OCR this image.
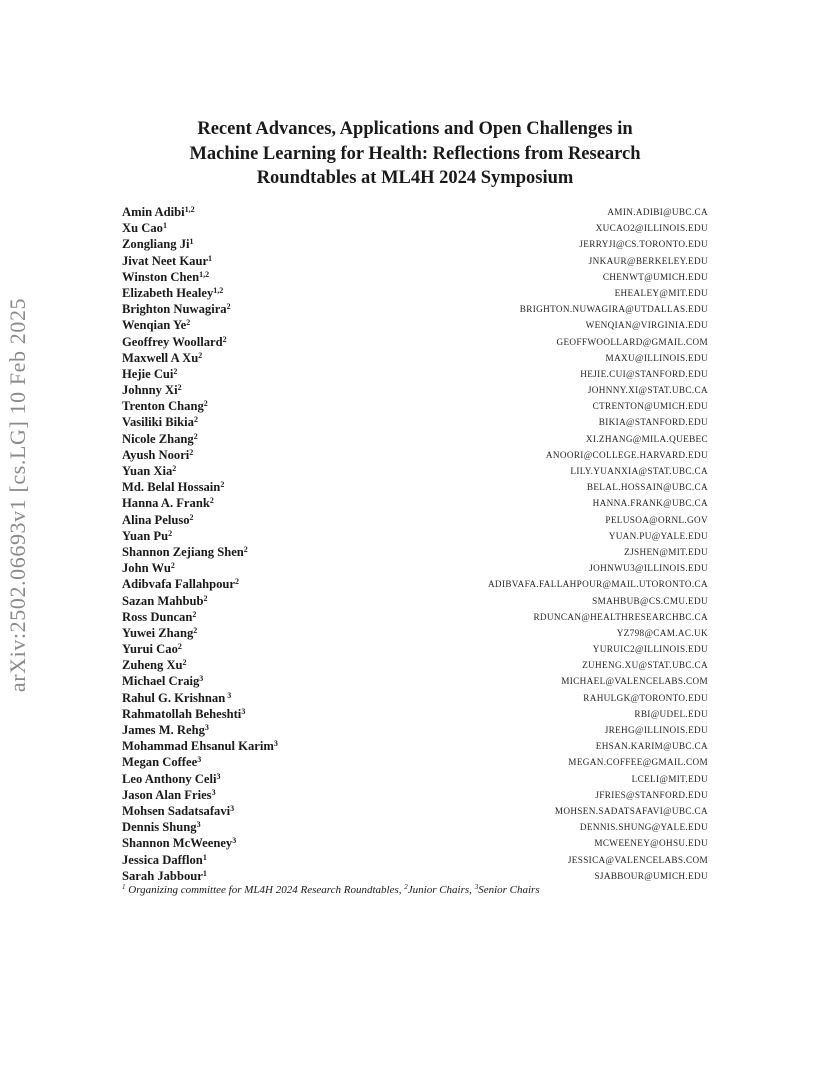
arXiv:2502.06693v1 [cs.LG] 10 Feb 2025
Recent Advances, Applications and Open Challenges in
Machine Learning for Health: Reflections from Research
Roundtables at ML4H 2024 Symposium
Amin Adibi$^{1,2}$	AMIN.ADIBI@UBC.CA
Xu Cao$^1$	XUCAO2@ILLINOIS.EDU
Zongliang Ji$^1$	JERRYJI@CS.TORONTO.EDU
Jivat Neet Kaur$^1$	JNKAUR@BERKELEY.EDU
Winston Chen$^{1,2}$	CHENWT@UMICH.EDU
Elizabeth Healey$^{1,2}$	EHEALEY@MIT.EDU
Brighton Nuwagira$^2$	BRIGHTON.NUWAGIRA@UTDALLAS.EDU
Wenqian Ye$^2$	WENQIAN@VIRGINIA.EDU
Geoffrey Woollard$^2$	GEOFFWOOLLARD@GMAIL.COM
Maxwell A Xu$^2$	MAXU@ILLINOIS.EDU
Hejie Cui$^2$	HEJIE.CUI@STANFORD.EDU
Johnny Xi$^2$	JOHNNY.XI@STAT.UBC.CA
Trenton Chang$^2$	CTRENTON@UMICH.EDU
Vasiliki Bikia$^2$	BIKIA@STANFORD.EDU
Nicole Zhang$^2$	XI.ZHANG@MILA.QUEBEC
Ayush Noori$^2$	ANOORI@COLLEGE.HARVARD.EDU
Yuan Xia$^2$	LILY.YUANXIA@STAT.UBC.CA
Md. Belal Hossain$^2$	BELAL.HOSSAIN@UBC.CA
Hanna A. Frank$^2$	HANNA.FRANK@UBC.CA
Alina Peluso$^2$	PELUSOA@ORNL.GOV
Yuan Pu$^2$	YUAN.PU@YALE.EDU
Shannon Zejiang Shen$^2$	ZJSHEN@MIT.EDU
John Wu$^2$	JOHNWU3@ILLINOIS.EDU
Adibvafa Fallahpour$^2$	ADIBVAFA.FALLAHPOUR@MAIL.UTORONTO.CA
Sazan Mahbub$^2$	SMAHBUB@CS.CMU.EDU
Ross Duncan$^2$	RDUNCAN@HEALTHRESEARCHBC.CA
Yuwei Zhang$^2$	YZ798@CAM.AC.UK
Yurui Cao$^2$	YURUIC2@ILLINOIS.EDU
Zuheng Xu$^2$	ZUHENG.XU@STAT.UBC.CA
Michael Craig$^3$	MICHAEL@VALENCELABS.COM
Rahul G. Krishnan $^3$	RAHULGK@TORONTO.EDU
Rahmatollah Beheshti$^3$	RBI@UDEL.EDU
James M. Rehg$^3$	JREHG@ILLINOIS.EDU
Mohammad Ehsanul Karim$^3$	EHSAN.KARIM@UBC.CA
Megan Coffee$^3$	MEGAN.COFFEE@GMAIL.COM
Leo Anthony Celi$^3$	LCELI@MIT.EDU
Jason Alan Fries$^3$	JFRIES@STANFORD.EDU
Mohsen Sadatsafavi$^3$	MOHSEN.SADATSAFAVI@UBC.CA
Dennis Shung$^3$	DENNIS.SHUNG@YALE.EDU
Shannon McWeeney$^3$	MCWEENEY@OHSU.EDU
Jessica Dafflon$^1$	JESSICA@VALENCELABS.COM
Sarah Jabbour$^1$	SJABBOUR@UMICH.EDU
$^1$ Organizing committee for ML4H 2024 Research Roundtables, $^2$Junior Chairs, $^3$Senior Chairs
